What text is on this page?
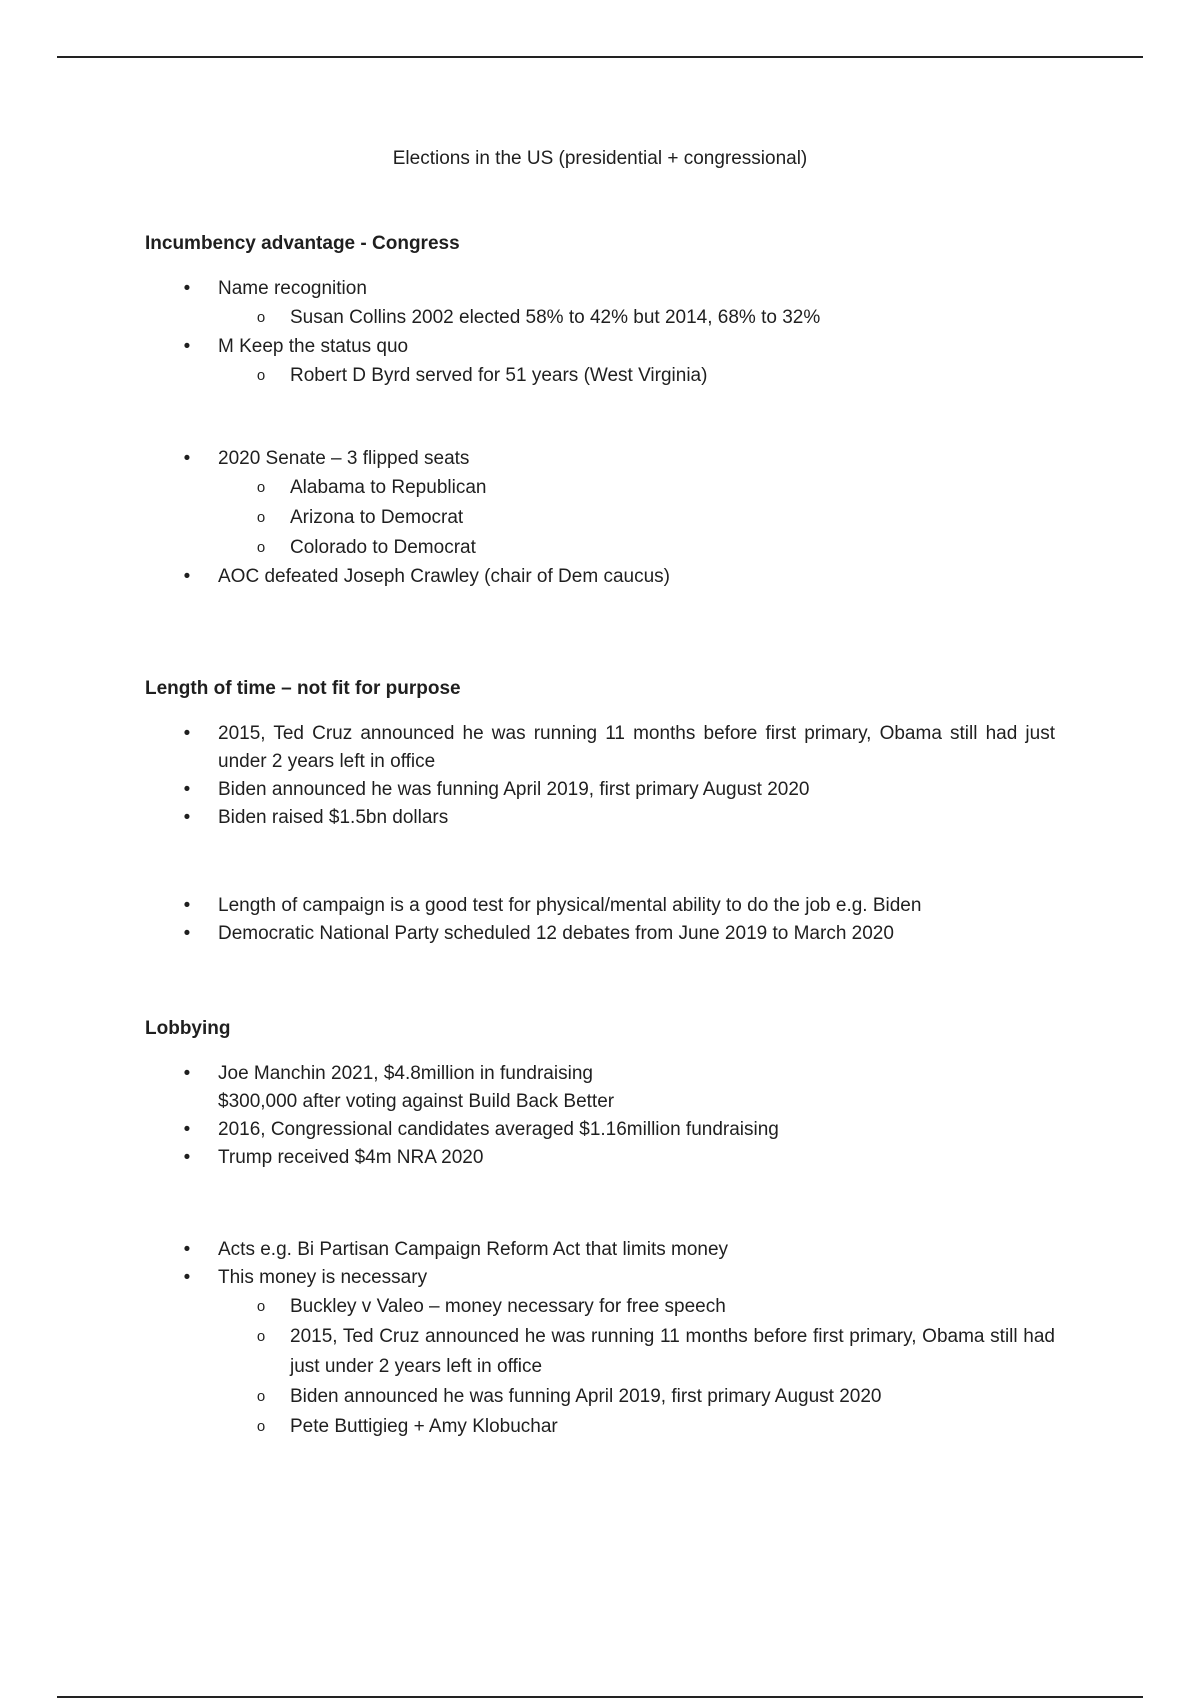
Elections in the US (presidential + congressional)
Incumbency advantage - Congress
• Name recognition
o Susan Collins 2002 elected 58% to 42% but 2014, 68% to 32%
• M Keep the status quo
o Robert D Byrd served for 51 years (West Virginia)
• 2020 Senate – 3 flipped seats
o Alabama to Republican
o Arizona to Democrat
o Colorado to Democrat
• AOC defeated Joseph Crawley (chair of Dem caucus)
Length of time – not fit for purpose
• 2015, Ted Cruz announced he was running 11 months before first primary, Obama still had just under 2 years left in office
• Biden announced he was funning April 2019, first primary August 2020
• Biden raised $1.5bn dollars
• Length of campaign is a good test for physical/mental ability to do the job e.g. Biden
• Democratic National Party scheduled 12 debates from June 2019 to March 2020
Lobbying
• Joe Manchin 2021, $4.8million in fundraising
$300,000 after voting against Build Back Better
• 2016, Congressional candidates averaged $1.16million fundraising
• Trump received $4m NRA 2020
• Acts e.g. Bi Partisan Campaign Reform Act that limits money
• This money is necessary
o Buckley v Valeo – money necessary for free speech
o 2015, Ted Cruz announced he was running 11 months before first primary, Obama still had just under 2 years left in office
o Biden announced he was funning April 2019, first primary August 2020
o Pete Buttigieg + Amy Klobuchar
